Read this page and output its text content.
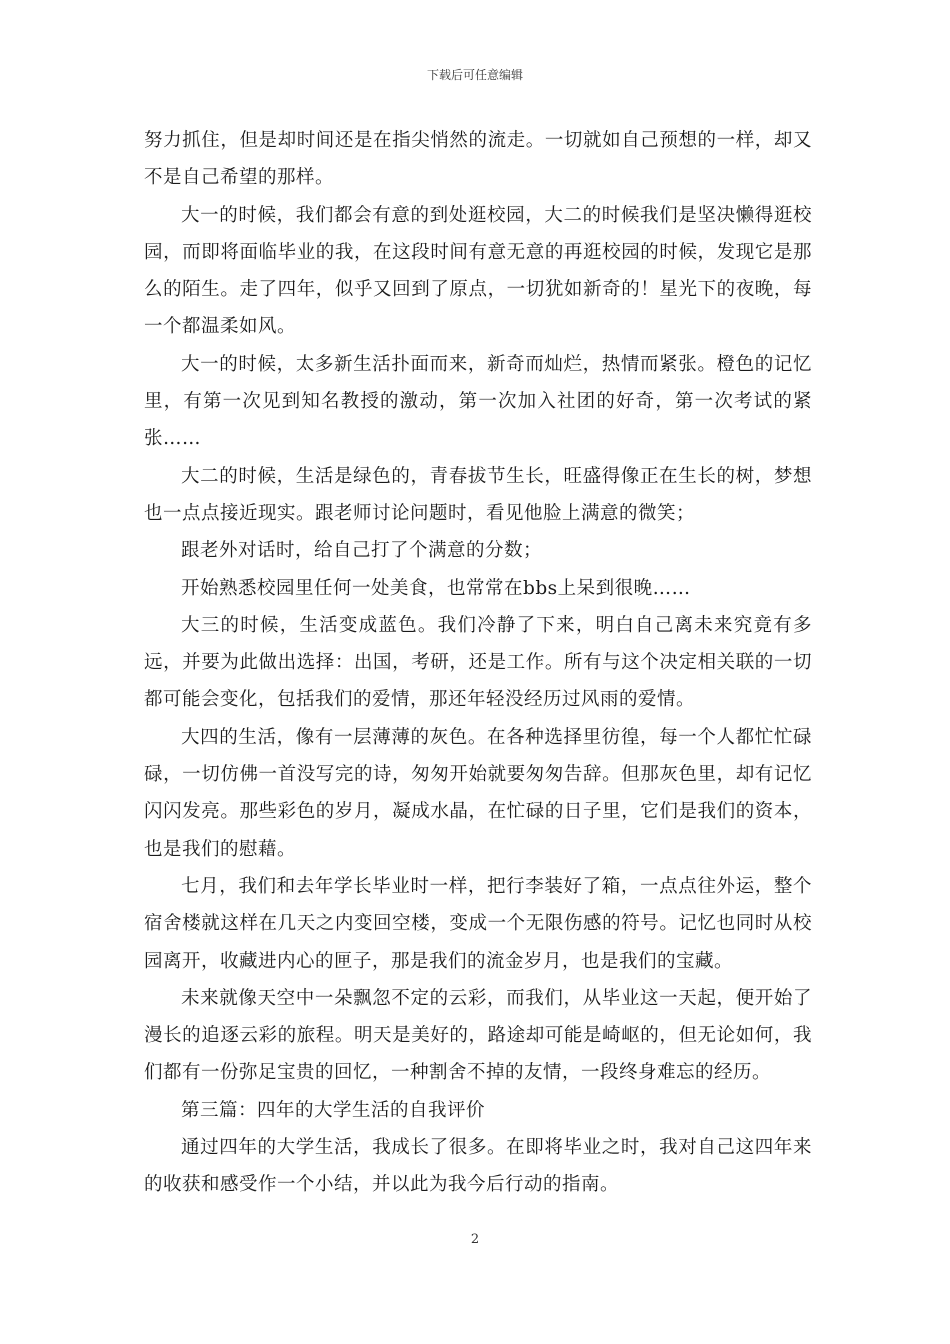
下载后可任意编辑

努力抓住，但是却时间还是在指尖悄然的流走。一切就如自己预想的一样，却又不是自己希望的那样。

大一的时候，我们都会有意的到处逛校园，大二的时候我们是坚决懒得逛校园，而即将面临毕业的我，在这段时间有意无意的再逛校园的时候，发现它是那么的陌生。走了四年，似乎又回到了原点，一切犹如新奇的！星光下的夜晚，每一个都温柔如风。

大一的时候，太多新生活扑面而来，新奇而灿烂，热情而紧张。橙色的记忆里，有第一次见到知名教授的激动，第一次加入社团的好奇，第一次考试的紧张……

大二的时候，生活是绿色的，青春拔节生长，旺盛得像正在生长的树，梦想也一点点接近现实。跟老师讨论问题时，看见他脸上满意的微笑；

跟老外对话时，给自己打了个满意的分数；

开始熟悉校园里任何一处美食，也常常在bbs上呆到很晚……

大三的时候，生活变成蓝色。我们冷静了下来，明白自己离未来究竟有多远，并要为此做出选择：出国，考研，还是工作。所有与这个决定相关联的一切都可能会变化，包括我们的爱情，那还年轻没经历过风雨的爱情。

大四的生活，像有一层薄薄的灰色。在各种选择里彷徨，每一个人都忙忙碌碌，一切仿佛一首没写完的诗，匆匆开始就要匆匆告辞。但那灰色里，却有记忆闪闪发亮。那些彩色的岁月，凝成水晶，在忙碌的日子里，它们是我们的资本，也是我们的慰藉。

七月，我们和去年学长毕业时一样，把行李装好了箱，一点点往外运，整个宿舍楼就这样在几天之内变回空楼，变成一个无限伤感的符号。记忆也同时从校园离开，收藏进内心的匣子，那是我们的流金岁月，也是我们的宝藏。

未来就像天空中一朵飘忽不定的云彩，而我们，从毕业这一天起，便开始了漫长的追逐云彩的旅程。明天是美好的，路途却可能是崎岖的，但无论如何，我们都有一份弥足宝贵的回忆，一种割舍不掉的友情，一段终身难忘的经历。

第三篇：四年的大学生活的自我评价

通过四年的大学生活，我成长了很多。在即将毕业之时，我对自己这四年来的收获和感受作一个小结，并以此为我今后行动的指南。

2
